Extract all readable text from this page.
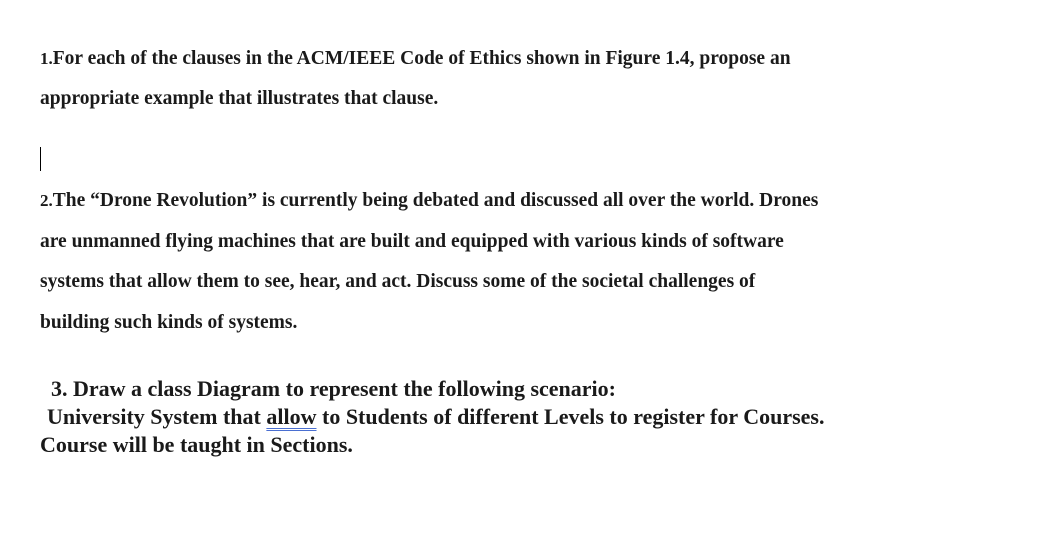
1.For each of the clauses in the ACM/IEEE Code of Ethics shown in Figure 1.4, propose an
appropriate example that illustrates that clause.
2.The “Drone Revolution” is currently being debated and discussed all over the world. Drones
are unmanned flying machines that are built and equipped with various kinds of software
systems that allow them to see, hear, and act. Discuss some of the societal challenges of
building such kinds of systems.
3. Draw a class Diagram to represent the following scenario:
University System that allow to Students of different Levels to register for Courses.
Course will be taught in Sections.
